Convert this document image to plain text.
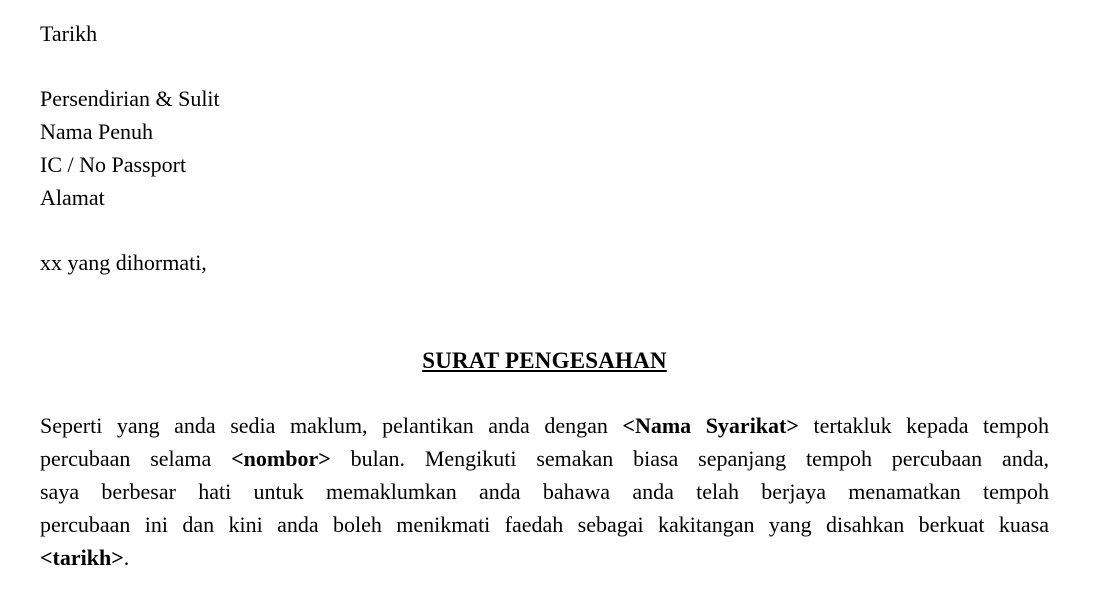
Tarikh
Persendirian & Sulit
Nama Penuh
IC / No Passport
Alamat
xx yang dihormati,
SURAT PENGESAHAN
Seperti yang anda sedia maklum, pelantikan anda dengan <Nama Syarikat> tertakluk kepada tempoh
percubaan selama <nombor> bulan. Mengikuti semakan biasa sepanjang tempoh percubaan anda,
saya berbesar hati untuk memaklumkan anda bahawa anda telah berjaya menamatkan tempoh
percubaan ini dan kini anda boleh menikmati faedah sebagai kakitangan yang disahkan berkuat kuasa
<tarikh>.
